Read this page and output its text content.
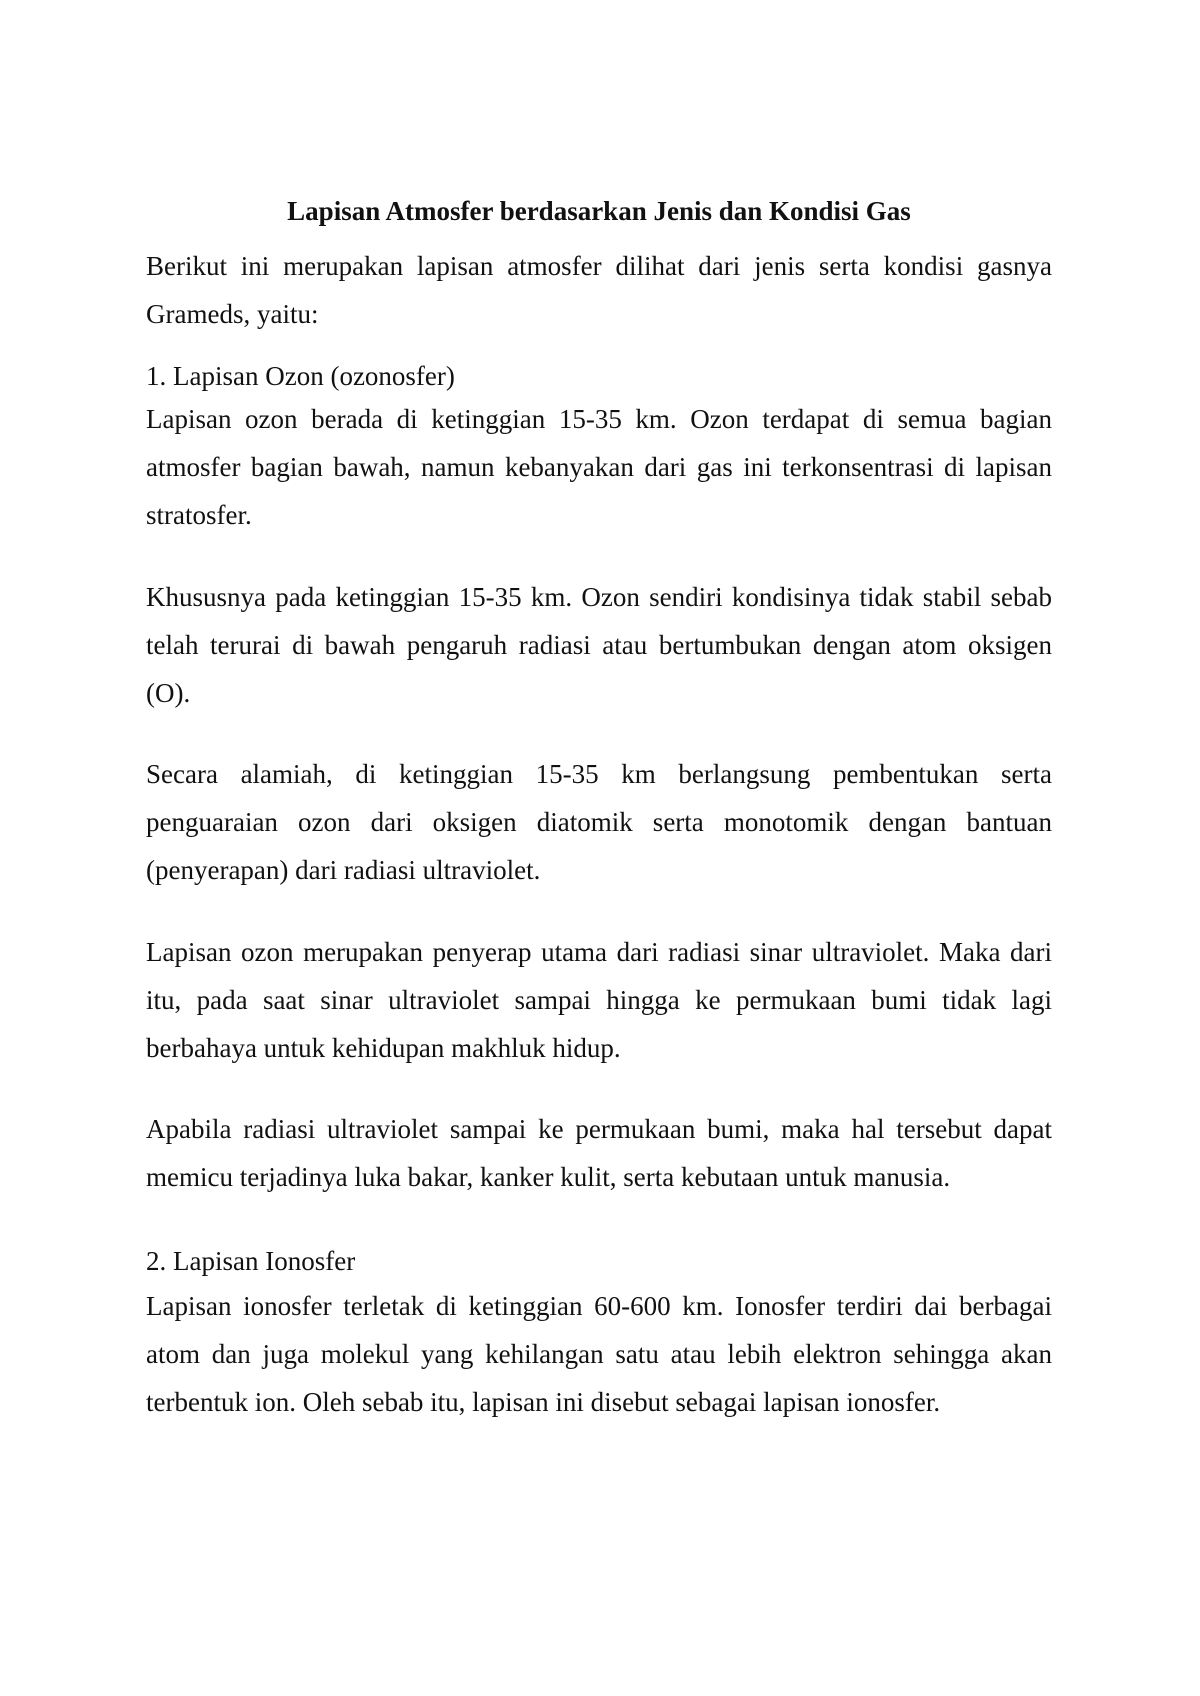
Lapisan Atmosfer berdasarkan Jenis dan Kondisi Gas

Berikut ini merupakan lapisan atmosfer dilihat dari jenis serta kondisi gasnya Grameds, yaitu:

1. Lapisan Ozon (ozonosfer)

Lapisan ozon berada di ketinggian 15-35 km. Ozon terdapat di semua bagian atmosfer bagian bawah, namun kebanyakan dari gas ini terkonsentrasi di lapisan stratosfer.

Khususnya pada ketinggian 15-35 km. Ozon sendiri kondisinya tidak stabil sebab telah terurai di bawah pengaruh radiasi atau bertumbukan dengan atom oksigen (O).

Secara alamiah, di ketinggian 15-35 km berlangsung pembentukan serta penguaraian ozon dari oksigen diatomik serta monotomik dengan bantuan (penyerapan) dari radiasi ultraviolet.

Lapisan ozon merupakan penyerap utama dari radiasi sinar ultraviolet. Maka dari itu, pada saat sinar ultraviolet sampai hingga ke permukaan bumi tidak lagi berbahaya untuk kehidupan makhluk hidup.

Apabila radiasi ultraviolet sampai ke permukaan bumi, maka hal tersebut dapat memicu terjadinya luka bakar, kanker kulit, serta kebutaan untuk manusia.

2. Lapisan Ionosfer

Lapisan ionosfer terletak di ketinggian 60-600 km. Ionosfer terdiri dai berbagai atom dan juga molekul yang kehilangan satu atau lebih elektron sehingga akan terbentuk ion. Oleh sebab itu, lapisan ini disebut sebagai lapisan ionosfer.
